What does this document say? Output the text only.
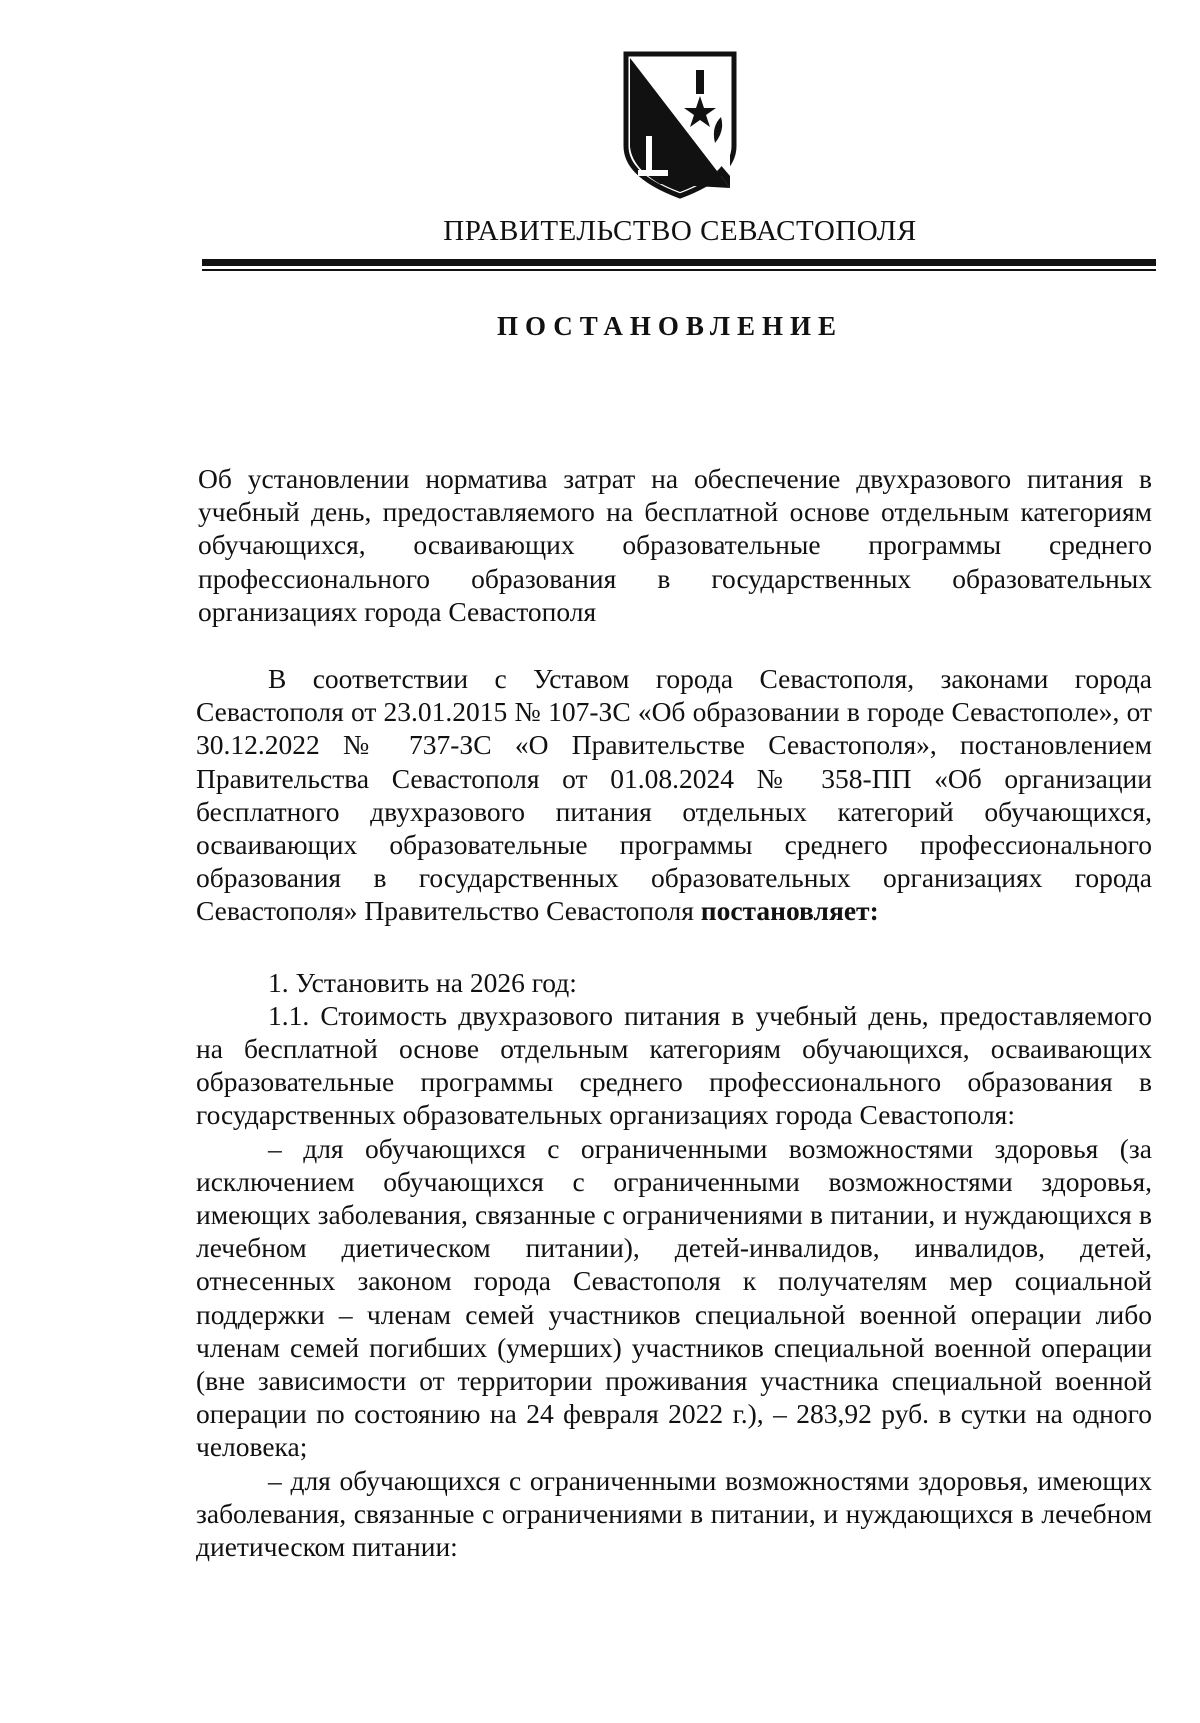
ПРАВИТЕЛЬСТВО СЕВАСТОПОЛЯ
ПОСТАНОВЛЕНИЕ

Об установлении норматива затрат на обеспечение двухразового питания в учебный день, предоставляемого на бесплатной основе отдельным категориям обучающихся, осваивающих образовательные программы среднего профессионального образования в государственных образовательных организациях города Севастополя

В соответствии с Уставом города Севастополя, законами города Севастополя от 23.01.2015 № 107-ЗС «Об образовании в городе Севастополе», от 30.12.2022 № 737-ЗС «О Правительстве Севастополя», постановлением Правительства Севастополя от 01.08.2024 № 358-ПП «Об организации бесплатного двухразового питания отдельных категорий обучающихся, осваивающих образовательные программы среднего профессионального образования в государственных образовательных организациях города Севастополя» Правительство Севастополя постановляет:

1. Установить на 2026 год:

1.1. Стоимость двухразового питания в учебный день, предоставляемого на бесплатной основе отдельным категориям обучающихся, осваивающих образовательные программы среднего профессионального образования в государственных образовательных организациях города Севастополя:

– для обучающихся с ограниченными возможностями здоровья (за исключением обучающихся с ограниченными возможностями здоровья, имеющих заболевания, связанные с ограничениями в питании, и нуждающихся в лечебном диетическом питании), детей-инвалидов, инвалидов, детей, отнесенных законом города Севастополя к получателям мер социальной поддержки – членам семей участников специальной военной операции либо членам семей погибших (умерших) участников специальной военной операции (вне зависимости от территории проживания участника специальной военной операции по состоянию на 24 февраля 2022 г.), – 283,92 руб. в сутки на одного человека;

– для обучающихся с ограниченными возможностями здоровья, имеющих заболевания, связанные с ограничениями в питании, и нуждающихся в лечебном диетическом питании:
